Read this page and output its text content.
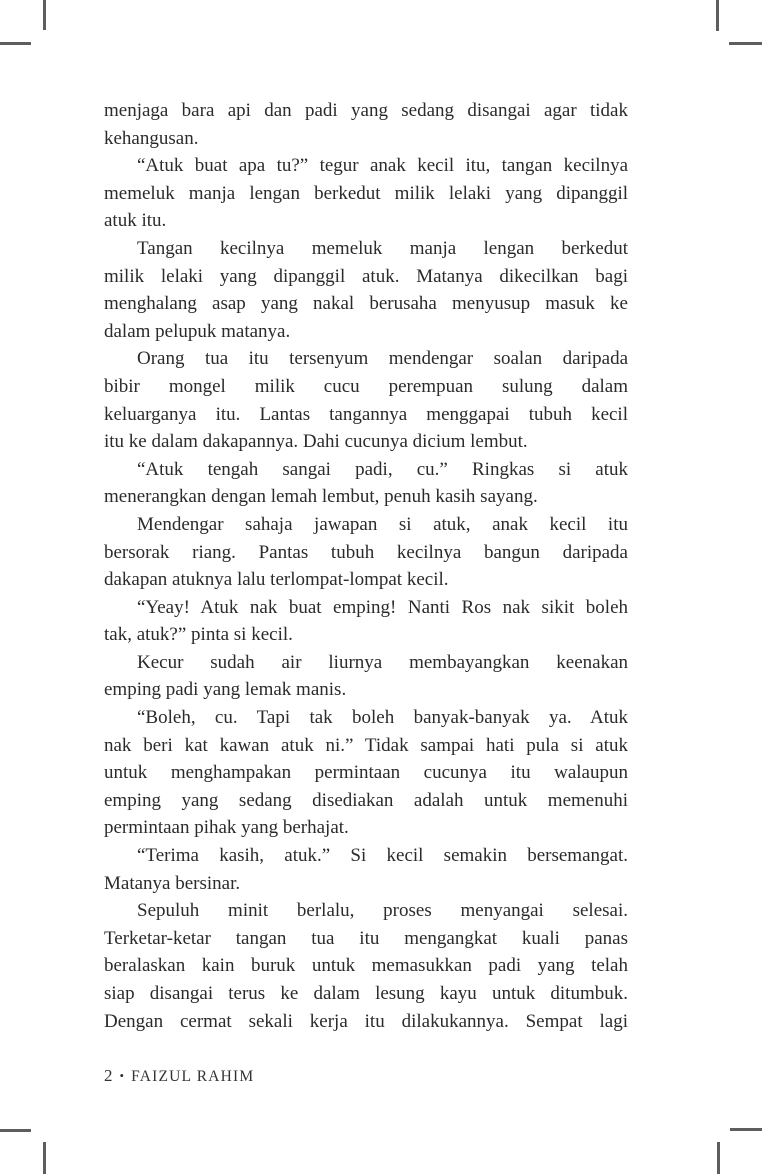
menjaga bara api dan padi yang sedang disangai agar tidak
kehangusan.
“Atuk buat apa tu?” tegur anak kecil itu, tangan kecilnya
memeluk manja lengan berkedut milik lelaki yang dipanggil
atuk itu.
Tangan kecilnya memeluk manja lengan berkedut
milik lelaki yang dipanggil atuk. Matanya dikecilkan bagi
menghalang asap yang nakal berusaha menyusup masuk ke
dalam pelupuk matanya.
Orang tua itu tersenyum mendengar soalan daripada
bibir mongel milik cucu perempuan sulung dalam
keluarganya itu. Lantas tangannya menggapai tubuh kecil
itu ke dalam dakapannya. Dahi cucunya dicium lembut.
“Atuk tengah sangai padi, cu.” Ringkas si atuk
menerangkan dengan lemah lembut, penuh kasih sayang.
Mendengar sahaja jawapan si atuk, anak kecil itu
bersorak riang. Pantas tubuh kecilnya bangun daripada
dakapan atuknya lalu terlompat-lompat kecil.
“Yeay! Atuk nak buat emping! Nanti Ros nak sikit boleh
tak, atuk?” pinta si kecil.
Kecur sudah air liurnya membayangkan keenakan
emping padi yang lemak manis.
“Boleh, cu. Tapi tak boleh banyak-banyak ya. Atuk
nak beri kat kawan atuk ni.” Tidak sampai hati pula si atuk
untuk menghampakan permintaan cucunya itu walaupun
emping yang sedang disediakan adalah untuk memenuhi
permintaan pihak yang berhajat.
“Terima kasih, atuk.” Si kecil semakin bersemangat.
Matanya bersinar.
Sepuluh minit berlalu, proses menyangai selesai.
Terketar-ketar tangan tua itu mengangkat kuali panas
beralaskan kain buruk untuk memasukkan padi yang telah
siap disangai terus ke dalam lesung kayu untuk ditumbuk.
Dengan cermat sekali kerja itu dilakukannya. Sempat lagi
2 • FAIZUL RAHIM
